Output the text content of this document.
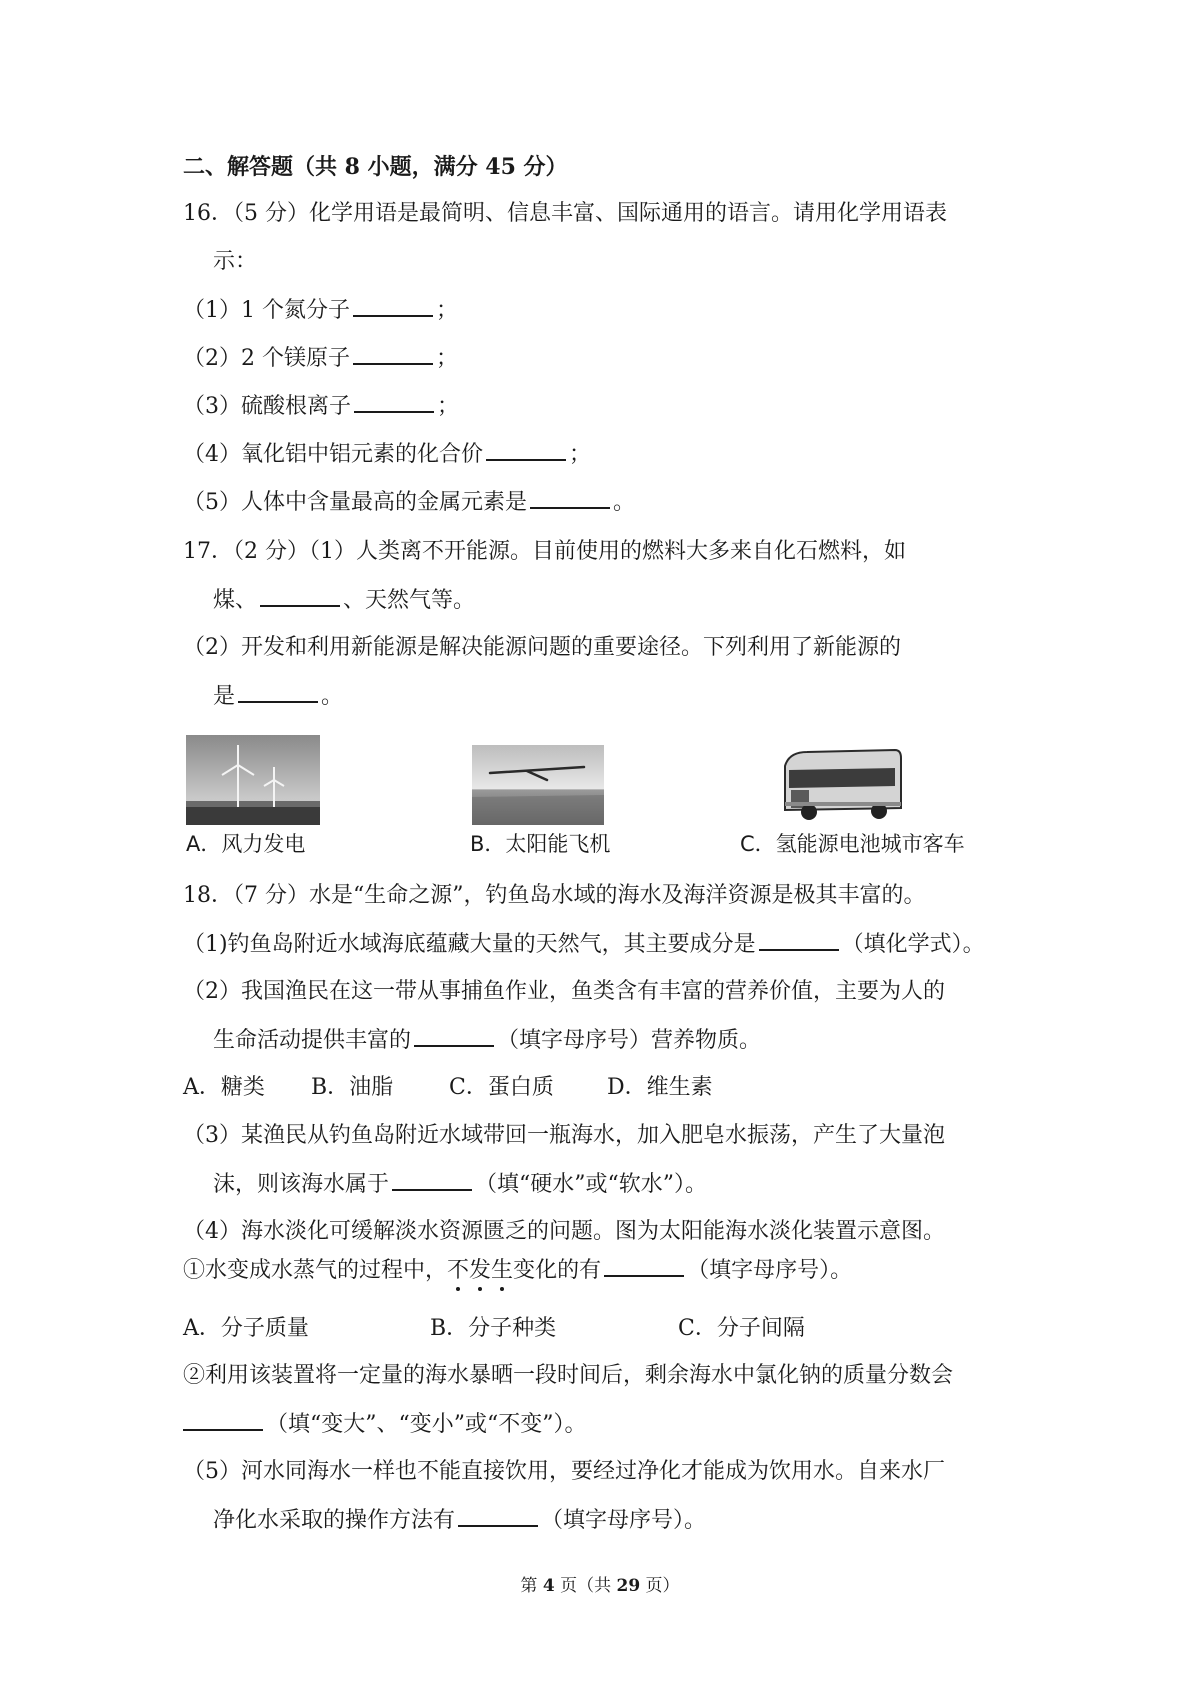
二、解答题（共 8 小题，满分 45 分）
16．（5 分）化学用语是最简明、信息丰富、国际通用的语言。请用化学用语表
示：
（1）1 个氮分子	；
（2）2 个镁原子	；
（3）硫酸根离子	；
（4）氧化铝中铝元素的化合价	；
（5）人体中含量最高的金属元素是	。
17．（2 分）（1）人类离不开能源。目前使用的燃料大多来自化石燃料，如
煤、	、天然气等。
（2）开发和利用新能源是解决能源问题的重要途径。下列利用了新能源的
是	。
A．风力发电	B．太阳能飞机	C．氢能源电池城市客车
18．（7 分）水是“生命之源”，钓鱼岛水域的海水及海洋资源是极其丰富的。
（1)钓鱼岛附近水域海底蕴藏大量的天然气，其主要成分是	（填化学式）。
（2）我国渔民在这一带从事捕鱼作业，鱼类含有丰富的营养价值，主要为人的
生命活动提供丰富的	（填字母序号）营养物质。
A．糖类 B．油脂	C．蛋白质 D．维生素
（3）某渔民从钓鱼岛附近水域带回一瓶海水，加入肥皂水振荡，产生了大量泡
沫，则该海水属于	（填“硬水”或“软水”）。
（4）海水淡化可缓解淡水资源匮乏的问题。图为太阳能海水淡化装置示意图。
①水变成水蒸气的过程中，不发生变化的有	（填字母序号）。
A．分子质量	B．分子种类	C．分子间隔
②利用该装置将一定量的海水暴晒一段时间后，剩余海水中氯化钠的质量分数会
（填“变大”、“变小”或“不变”）。
（5）河水同海水一样也不能直接饮用，要经过净化才能成为饮用水。自来水厂
净化水采取的操作方法有	（填字母序号）。
第 4 页（共 29 页）
